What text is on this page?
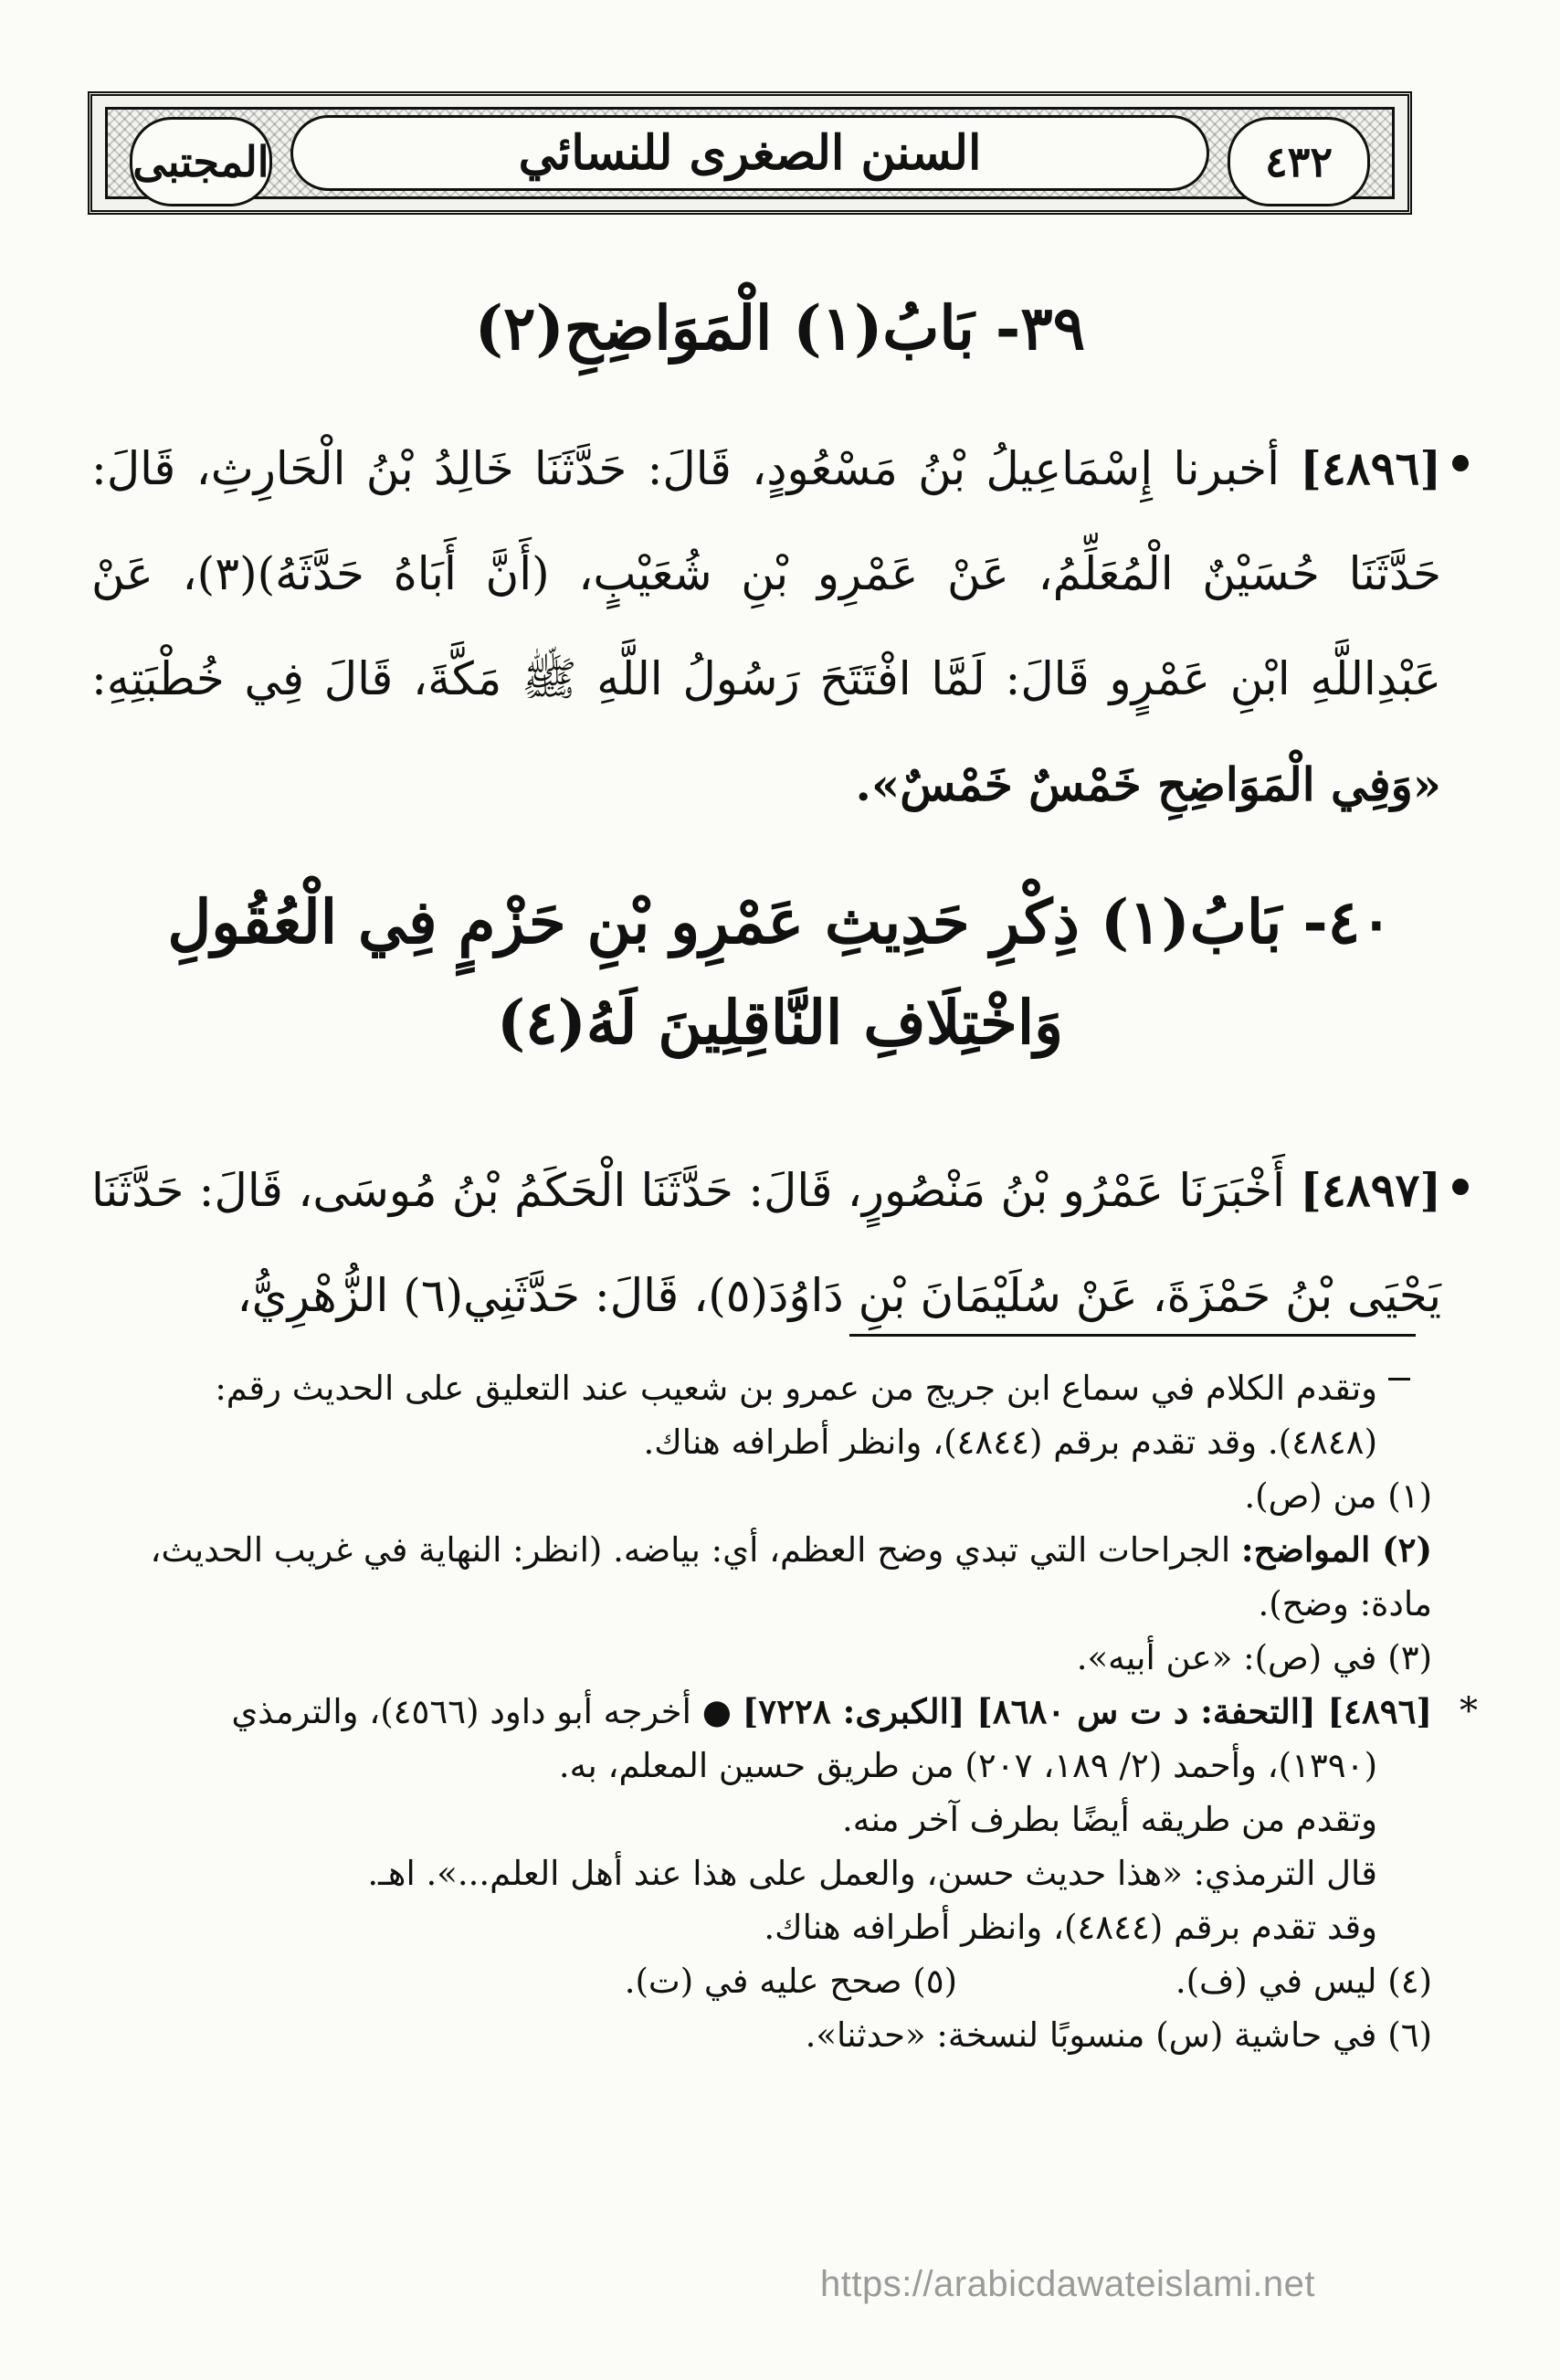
المجتبى	السنن الصغرى للنسائي	٤٣٢
٣٩- بَابُ(١) الْمَوَاضِحِ(٢)
[٤٨٩٦] أخبرنا إِسْمَاعِيلُ بْنُ مَسْعُودٍ، قَالَ: حَدَّثَنَا خَالِدُ بْنُ الْحَارِثِ، قَالَ: حَدَّثَنَا حُسَيْنٌ الْمُعَلِّمُ، عَنْ عَمْرِو بْنِ شُعَيْبٍ، (أَنَّ أَبَاهُ حَدَّثَهُ)(٣)، عَنْ عَبْدِاللَّهِ ابْنِ عَمْرٍو قَالَ: لَمَّا افْتَتَحَ رَسُولُ اللَّهِ ﷺ مَكَّةَ، قَالَ فِي خُطْبَتِهِ: «وَفِي الْمَوَاضِحِ خَمْسٌ خَمْسٌ».
٤٠- بَابُ(١) ذِكْرِ حَدِيثِ عَمْرِو بْنِ حَزْمٍ فِي الْعُقُولِ
وَاخْتِلَافِ النَّاقِلِينَ لَهُ(٤)
[٤٨٩٧] أَخْبَرَنَا عَمْرُو بْنُ مَنْصُورٍ، قَالَ: حَدَّثَنَا الْحَكَمُ بْنُ مُوسَى، قَالَ: حَدَّثَنَا يَحْيَى بْنُ حَمْزَةَ، عَنْ سُلَيْمَانَ بْنِ دَاوُدَ(٥)، قَالَ: حَدَّثَنِي(٦) الزُّهْرِيُّ،

وتقدم الكلام في سماع ابن جريج من عمرو بن شعيب عند التعليق على الحديث رقم:

(٤٨٤٨). وقد تقدم برقم (٤٨٤٤)، وانظر أطرافه هناك.

(١) من (ص).

(٢) المواضح: الجراحات التي تبدي وضح العظم، أي: بياضه. (انظر: النهاية في غريب الحديث، مادة: وضح).

(٣) في (ص): «عن أبيه».

*
[٤٨٩٦] [التحفة: د ت س ٨٦٨٠] [الكبرى: ٧٢٢٨] ● أخرجه أبو داود (٤٥٦٦)، والترمذي

(١٣٩٠)، وأحمد (٢/ ١٨٩، ٢٠٧) من طريق حسين المعلم، به.

وتقدم من طريقه أيضًا بطرف آخر منه.

قال الترمذي: «هذا حديث حسن، والعمل على هذا عند أهل العلم...». اهـ.

وقد تقدم برقم (٤٨٤٤)، وانظر أطرافه هناك.

(٤) ليس في (ف).
(٥) صحح عليه في (ت).

(٦) في حاشية (س) منسوبًا لنسخة: «حدثنا».

https://arabicdawateislami.net
